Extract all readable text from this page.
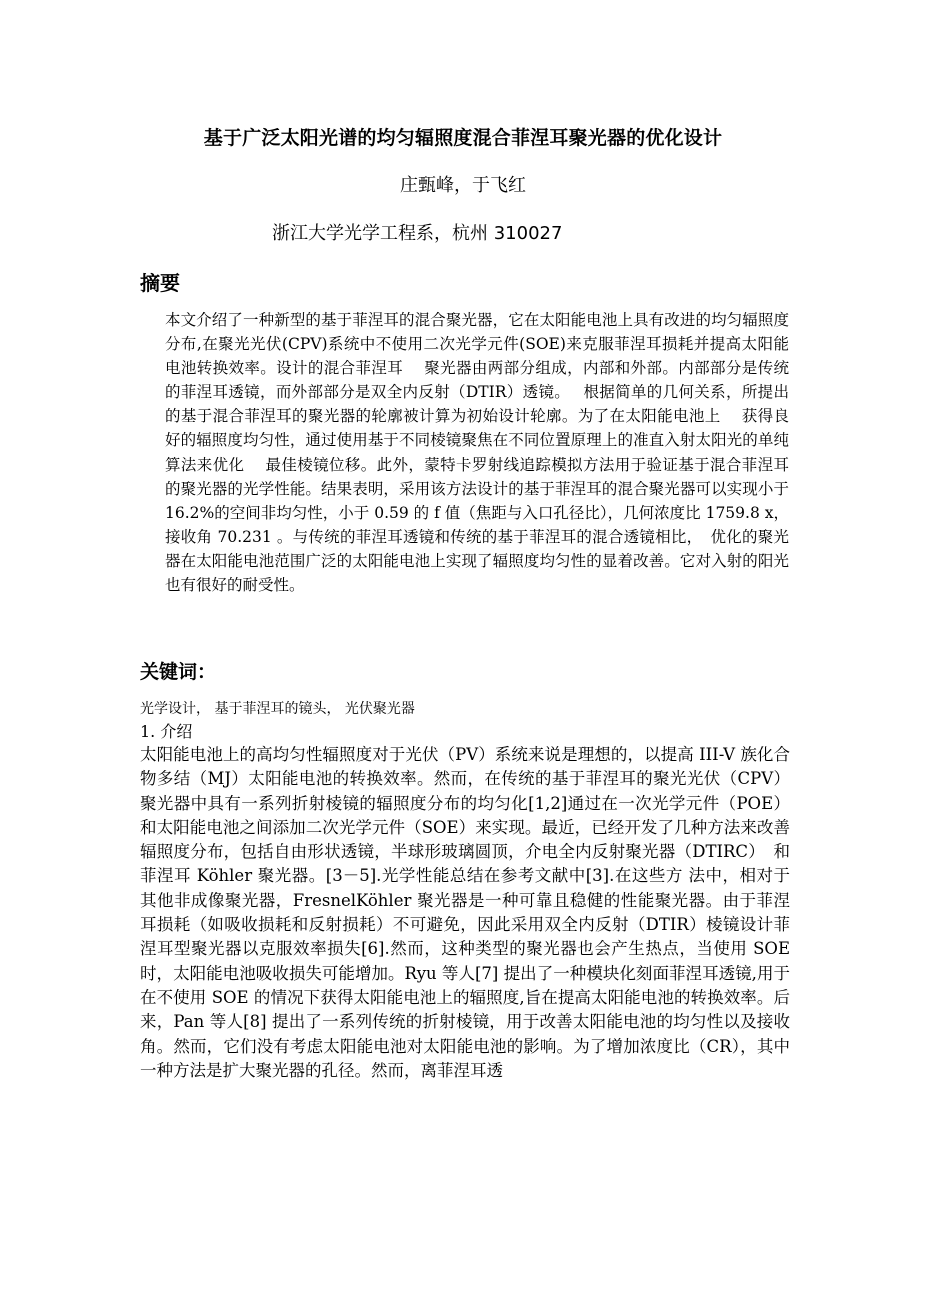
基于广泛太阳光谱的均匀辐照度混合菲涅耳聚光器的优化设计
庄甄峰，于飞红
浙江大学光学工程系，杭州 310027
摘要
本文介绍了一种新型的基于菲涅耳的混合聚光器，它在太阳能电池上具有改进的均匀辐照度分布,在聚光光伏(CPV)系统中不使用二次光学元件(SOE)来克服菲涅耳损耗并提高太阳能电池转换效率。设计的混合菲涅耳　 聚光器由两部分组成，内部和外部。内部部分是传统的菲涅耳透镜，而外部部分是双全内反射（DTIR）透镜。　 根据简单的几何关系，所提出的基于混合菲涅耳的聚光器的轮廓被计算为初始设计轮廓。为了在太阳能电池上　 获得良好的辐照度均匀性，通过使用基于不同棱镜聚焦在不同位置原理上的准直入射太阳光的单纯算法来优化　 最佳棱镜位移。此外，蒙特卡罗射线追踪模拟方法用于验证基于混合菲涅耳的聚光器的光学性能。结果表明，采用该方法设计的基于菲涅耳的混合聚光器可以实现小于 16.2%的空间非均匀性，小于 0.59 的 f 值（焦距与入口孔径比），几何浓度比 1759.8 x，接收角 70.231 。与传统的菲涅耳透镜和传统的基于菲涅耳的混合透镜相比，　优化的聚光器在太阳能电池范围广泛的太阳能电池上实现了辐照度均匀性的显着改善。它对入射的阳光也有很好的耐受性。
关键词：
光学设计， 基于菲涅耳的镜头， 光伏聚光器
1. 介绍
太阳能电池上的高均匀性辐照度对于光伏（PV）系统来说是理想的，以提高 III-V 族化合物多结（MJ）太阳能电池的转换效率。然而，在传统的基于菲涅耳的聚光光伏（CPV）聚光器中具有一系列折射棱镜的辐照度分布的均匀化[1,2]通过在一次光学元件（POE）和太阳能电池之间添加二次光学元件（SOE）来实现。最近，已经开发了几种方法来改善辐照度分布，包括自由形状透镜，半球形玻璃圆顶，介电全内反射聚光器（DTIRC）　和菲涅耳 Köhler 聚光器。[3－5].光学性能总结在参考文献中[3].在这些方 法中，相对于其他非成像聚光器，FresnelKöhler 聚光器是一种可靠且稳健的性能聚光器。由于菲涅耳损耗（如吸收损耗和反射损耗）不可避免，因此采用双全内反射（DTIR）棱镜设计菲涅耳型聚光器以克服效率损失[6].然而，这种类型的聚光器也会产生热点，当使用 SOE 时，太阳能电池吸收损失可能增加。Ryu 等人[7] 提出了一种模块化刻面菲涅耳透镜,用于在不使用 SOE 的情况下获得太阳能电池上的辐照度,旨在提高太阳能电池的转换效率。后来，Pan 等人[8] 提出了一系列传统的折射棱镜，用于改善太阳能电池的均匀性以及接收角。然而，它们没有考虑太阳能电池对太阳能电池的影响。为了增加浓度比（CR），其中一种方法是扩大聚光器的孔径。然而，离菲涅耳透
